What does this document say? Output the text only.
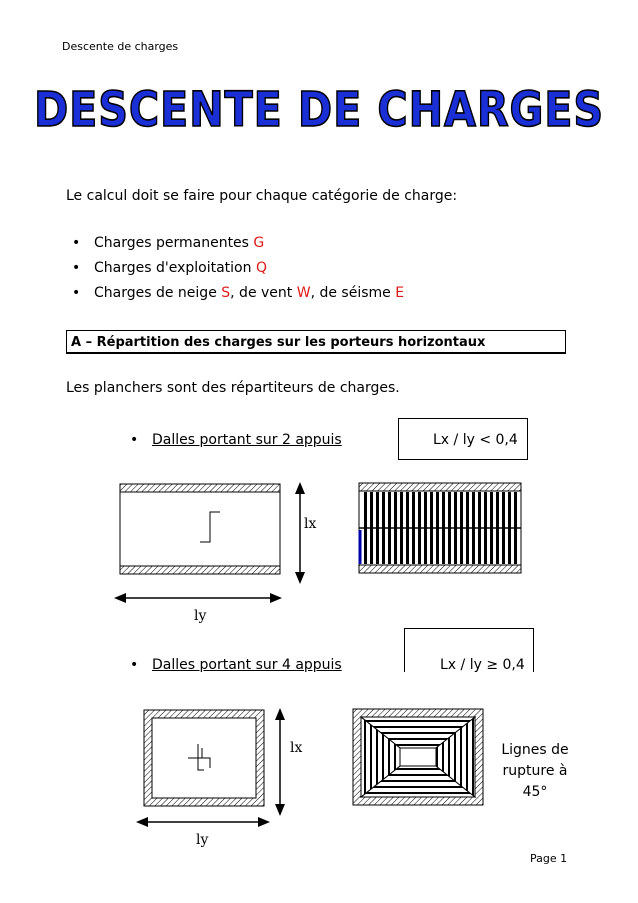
Descente de charges
DESCENTE DE CHARGES
Le calcul doit se faire pour chaque catégorie de charge:
• Charges permanentes G
• Charges d'exploitation Q
• Charges de neige S, de vent W, de séisme E
A – Répartition des charges sur les porteurs horizontaux
Les planchers sont des répartiteurs de charges.
• Dalles portant sur 2 appuis	Lx / ly < 0,4
lx
ly
• Dalles portant sur 4 appuis	Lx / ly ≥ 0,4
lx
ly
Lignes de
rupture à
45°
Page 1
